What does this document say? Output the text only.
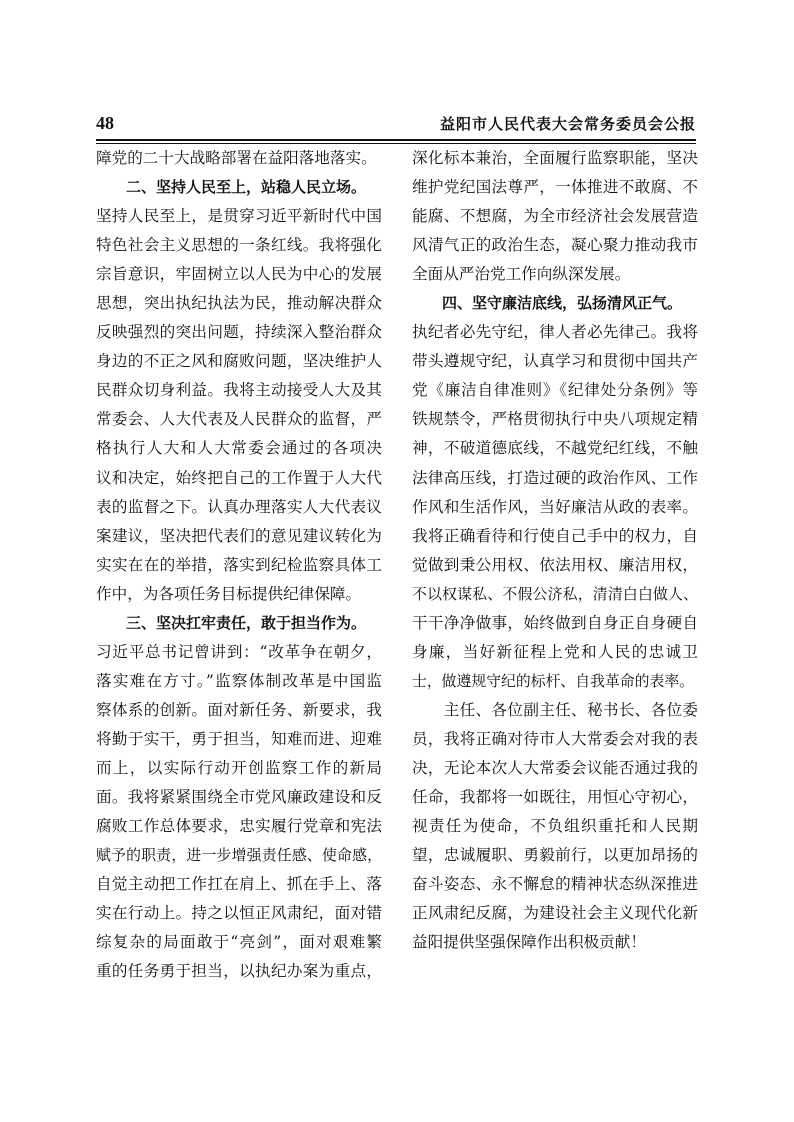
48	益阳市人民代表大会常务委员会公报
障党的二十大战略部署在益阳落地落实。
　　二、坚持人民至上，站稳人民立场。
坚持人民至上，是贯穿习近平新时代中国
特色社会主义思想的一条红线。我将强化
宗旨意识，牢固树立以人民为中心的发展
思想，突出执纪执法为民，推动解决群众
反映强烈的突出问题，持续深入整治群众
身边的不正之风和腐败问题，坚决维护人
民群众切身利益。我将主动接受人大及其
常委会、人大代表及人民群众的监督，严
格执行人大和人大常委会通过的各项决
议和决定，始终把自己的工作置于人大代
表的监督之下。认真办理落实人大代表议
案建议，坚决把代表们的意见建议转化为
实实在在的举措，落实到纪检监察具体工
作中，为各项任务目标提供纪律保障。
　　三、坚决扛牢责任，敢于担当作为。
习近平总书记曾讲到：“改革争在朝夕，
落实难在方寸。”监察体制改革是中国监
察体系的创新。面对新任务、新要求，我
将勤于实干，勇于担当，知难而进、迎难
而上，以实际行动开创监察工作的新局
面。我将紧紧围绕全市党风廉政建设和反
腐败工作总体要求，忠实履行党章和宪法
赋予的职责，进一步增强责任感、使命感，
自觉主动把工作扛在肩上、抓在手上、落
实在行动上。持之以恒正风肃纪，面对错
综复杂的局面敢于“亮剑”，面对艰难繁
重的任务勇于担当，以执纪办案为重点，
深化标本兼治，全面履行监察职能，坚决
维护党纪国法尊严，一体推进不敢腐、不
能腐、不想腐，为全市经济社会发展营造
风清气正的政治生态，凝心聚力推动我市
全面从严治党工作向纵深发展。
　　四、坚守廉洁底线，弘扬清风正气。
执纪者必先守纪，律人者必先律己。我将
带头遵规守纪，认真学习和贯彻中国共产
党《廉洁自律准则》《纪律处分条例》等
铁规禁令，严格贯彻执行中央八项规定精
神，不破道德底线，不越党纪红线，不触
法律高压线，打造过硬的政治作风、工作
作风和生活作风，当好廉洁从政的表率。
我将正确看待和行使自己手中的权力，自
觉做到秉公用权、依法用权、廉洁用权，
不以权谋私、不假公济私，清清白白做人、
干干净净做事，始终做到自身正自身硬自
身廉，当好新征程上党和人民的忠诚卫
士，做遵规守纪的标杆、自我革命的表率。
　　主任、各位副主任、秘书长、各位委
员，我将正确对待市人大常委会对我的表
决，无论本次人大常委会议能否通过我的
任命，我都将一如既往，用恒心守初心，
视责任为使命，不负组织重托和人民期
望，忠诚履职、勇毅前行，以更加昂扬的
奋斗姿态、永不懈怠的精神状态纵深推进
正风肃纪反腐，为建设社会主义现代化新
益阳提供坚强保障作出积极贡献！
